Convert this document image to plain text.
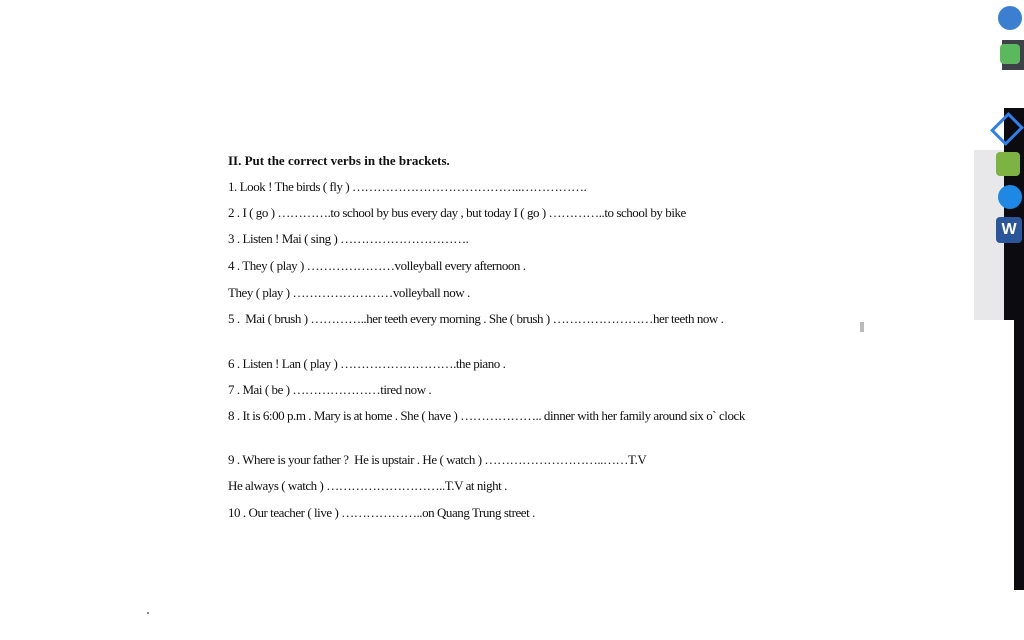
II. Put the correct verbs in the brackets.
1. Look ! The birds ( fly ) …………………………………..…………….
2 . I ( go ) ………….to school by bus every day , but today I ( go ) …………..to school by bike
3 . Listen ! Mai ( sing ) ………………………….
4 . They ( play ) …………………volleyball every afternoon .
They ( play ) ……………………volleyball now .
5 .  Mai ( brush ) …………..her teeth every morning . She ( brush ) ……………………her teeth now .
6 . Listen ! Lan ( play ) ……………………….the piano .
7 . Mai ( be ) …………………tired now .
8 . It is 6:00 p.m . Mary is at home . She ( have ) ……………….. dinner with her family around six o` clock
9 . Where is your father ?  He is upstair . He ( watch ) ………………………..……T.V
He always ( watch ) ………………………..T.V at night .
10 . Our teacher ( live ) ………………..on Quang Trung street .
W
